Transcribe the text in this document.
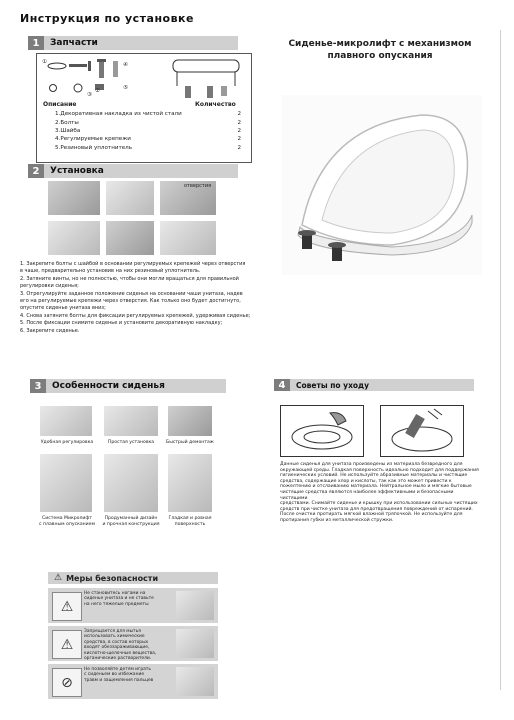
Инструкция по установке
1	Запчасти
①
②
③
④
⑤
Описание	Количество
1.Декоративная накладка из чистой стали	2
2.Болты	2
3.Шайба	2
4.Регулируемые крепежи	2
5.Резиновый уплотнитель	2
2	Установка
отверстия
1. Закрепите болты с шайбой в основании регулируемых крепежей через отверстия
в чаше, предварительно установив на них резиновый уплотнитель.
2. Затяните винты, но не полностью, чтобы они могли вращаться для правильной
регулировки сиденья;
3. Отрегулируйте заданное положение сиденья на основании чаши унитаза, надев
его на регулируемые крепежи через отверстия. Как только оно будет достигнуто,
опустите сиденье унитаза вниз;
4. Снова затяните болты для фиксации регулируемых крепежей, удерживая сиденье;
5. После фиксации снимите сиденье и установите декоративную накладку;
6. Закрепите сиденье.
Сиденье-микролифт с механизмом
плавного опускания
3	Особенности сиденья
Удобная регулировка	Простая установка	Быстрый демонтаж
Система Микролифт
с плавным опусканием
Продуманный дизайн
и прочная конструкция
Гладкая и ровная
поверхность
⚠ Меры безопасности
⚠
Не становитесь ногами на
сиденье унитаза и не ставьте
на него тяжелые предметы
⚠
Запрещается для мытья
использовать химические
средства, в состав которых
входят обеззараживающие,
кислотно-щелочные вещества,
органические растворители.
⊘
Не позволяйте детям играть
с сиденьем во избежание
травм и защемления пальцев
4	Советы по уходу
Данные сиденья для унитаза произведены из материала безвредного для
окружающей среды. Гладкая поверхность идеально подходит для поддержания
гигиенических условий. Не используйте абразивные материалы и чистящие
средства, содержащие хлор и кислоты, так как это может привести к
пожелтению и отслаиванию материала. Нейтральное мыло и мягкие бытовые
чистящие средства являются наиболее эффективными и безопасными чистящими
средствами. Снимайте сиденье и крышку при использовании сильных чистящих
средств при чистке унитаза для предотвращения повреждений от испарений.
После очистки протирать мягкой влажной тряпочкой. Не используйте для
протирания губки из металлической стружки.
